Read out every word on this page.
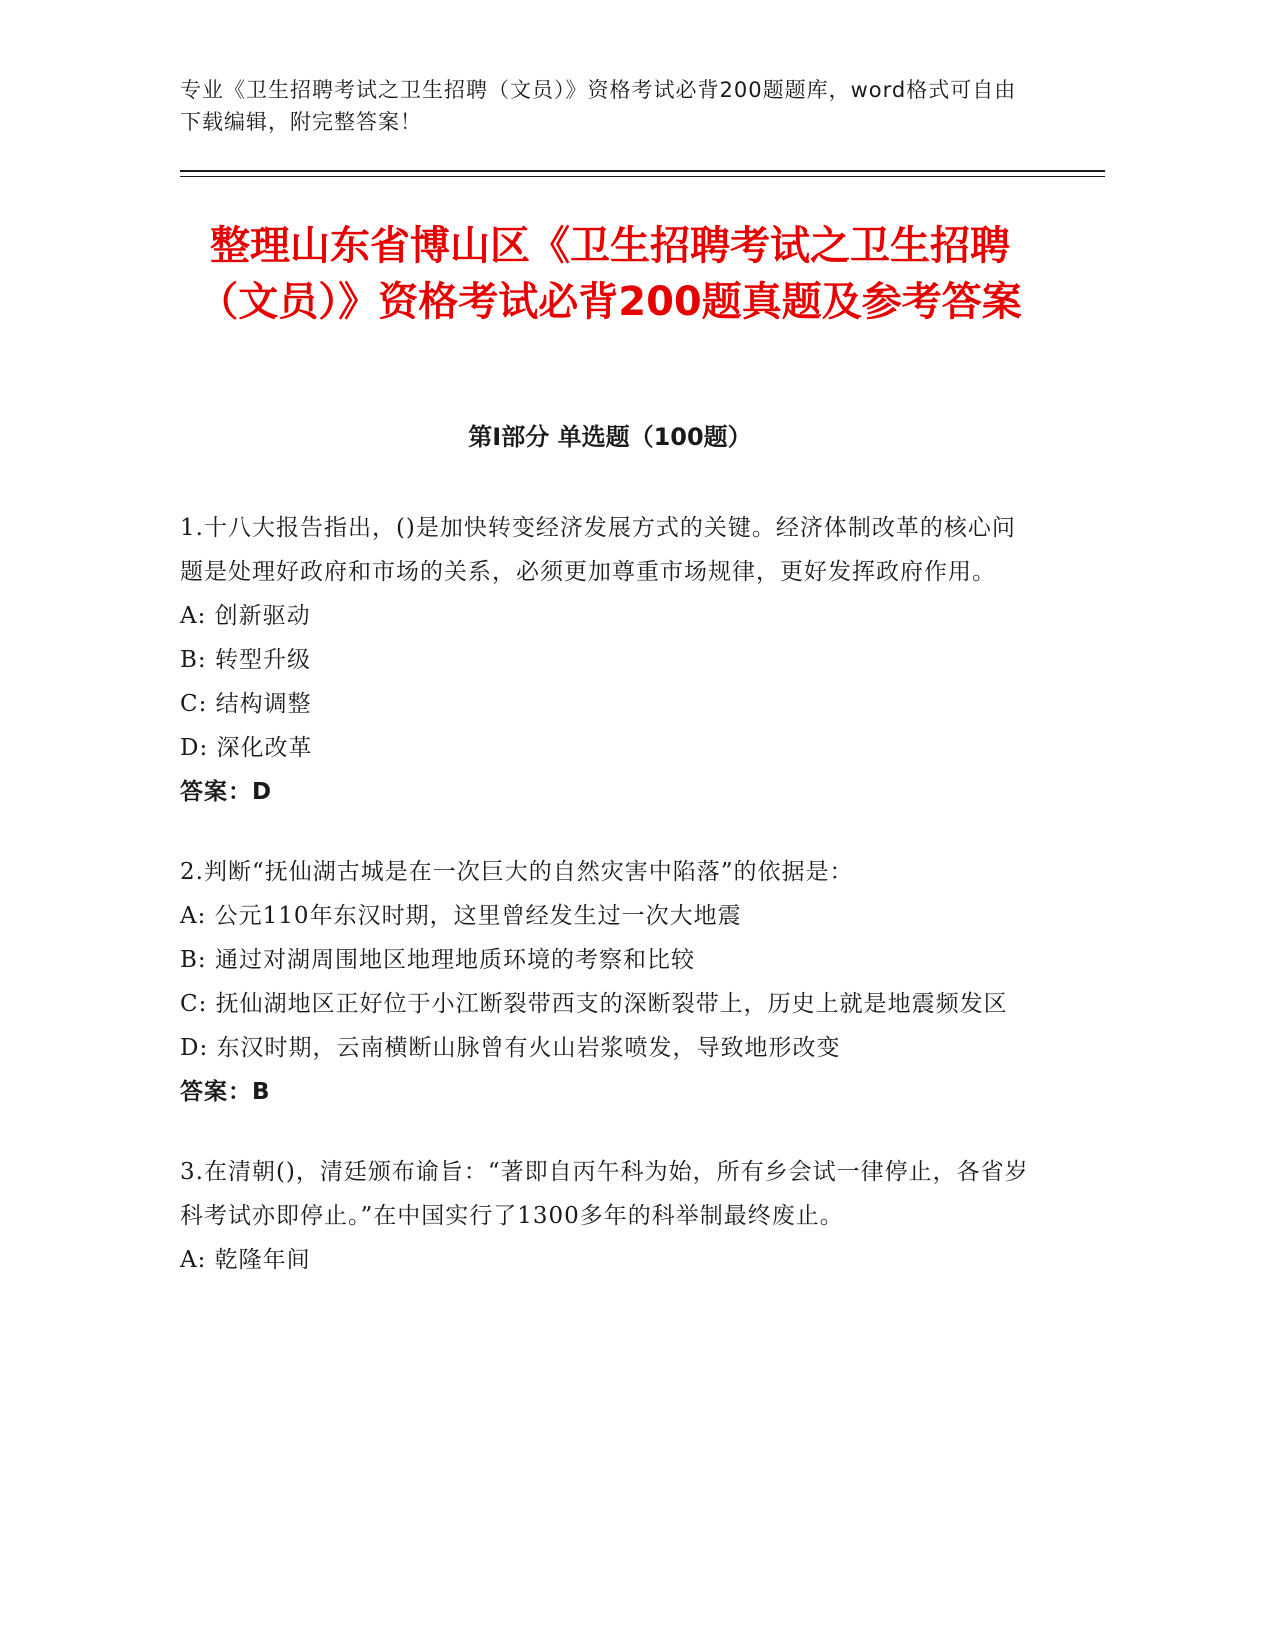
专业《卫生招聘考试之卫生招聘（文员）》资格考试必背200题题库，word格式可自由下载编辑，附完整答案！
整理山东省博山区《卫生招聘考试之卫生招聘（文员）》资格考试必背200题真题及参考答案
第Ⅰ部分 单选题（100题）

1.十八大报告指出，()是加快转变经济发展方式的关键。经济体制改革的核心问题是处理好政府和市场的关系，必须更加尊重市场规律，更好发挥政府作用。

A: 创新驱动

B: 转型升级

C: 结构调整

D: 深化改革

答案：D

2.判断“抚仙湖古城是在一次巨大的自然灾害中陷落”的依据是：

A: 公元110年东汉时期，这里曾经发生过一次大地震

B: 通过对湖周围地区地理地质环境的考察和比较

C: 抚仙湖地区正好位于小江断裂带西支的深断裂带上，历史上就是地震频发区

D: 东汉时期，云南横断山脉曾有火山岩浆喷发，导致地形改变

答案：B

3.在清朝()，清廷颁布谕旨：“著即自丙午科为始，所有乡会试一律停止，各省岁科考试亦即停止。”在中国实行了1300多年的科举制最终废止。

A: 乾隆年间
